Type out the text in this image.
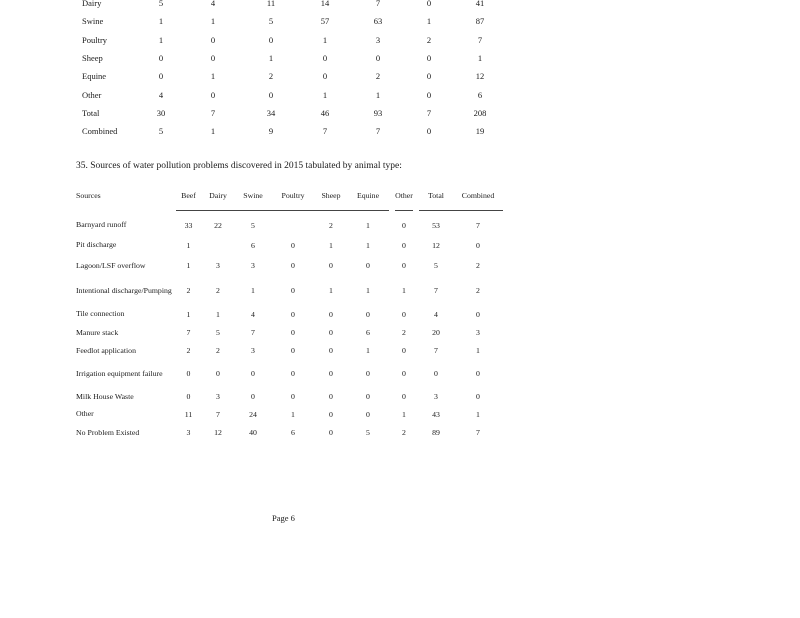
Dairy	5	4	11	14	7	0	41
Swine	1	1	5	57	63	1	87
Poultry	1	0	0	1	3	2	7
Sheep	0	0	1	0	0	0	1
Equine	0	1	2	0	2	0	12
Other	4	0	0	1	1	0	6
Total	30	7	34	46	93	7	208
Combined	5	1	9	7	7	0	19
35. Sources of water pollution problems discovered in 2015 tabulated by animal type:
Sources	Beef	Dairy	Swine	Poultry	Sheep	Equine	Other	Total	Combined

Barnyard runoff	33	22	5		2	1	0	53	7
Pit discharge	1		6	0	1	1	0	12	0
Lagoon/LSF overflow	1	3	3	0	0	0	0	5	2
Intentional discharge/Pumping	2	2	1	0	1	1	1	7	2
Tile connection	1	1	4	0	0	0	0	4	0
Manure stack	7	5	7	0	0	6	2	20	3
Feedlot application	2	2	3	0	0	1	0	7	1
Irrigation equipment failure	0	0	0	0	0	0	0	0	0
Milk House Waste	0	3	0	0	0	0	0	3	0
Other	11	7	24	1	0	0	1	43	1
No Problem Existed	3	12	40	6	0	5	2	89	7
Page 6
